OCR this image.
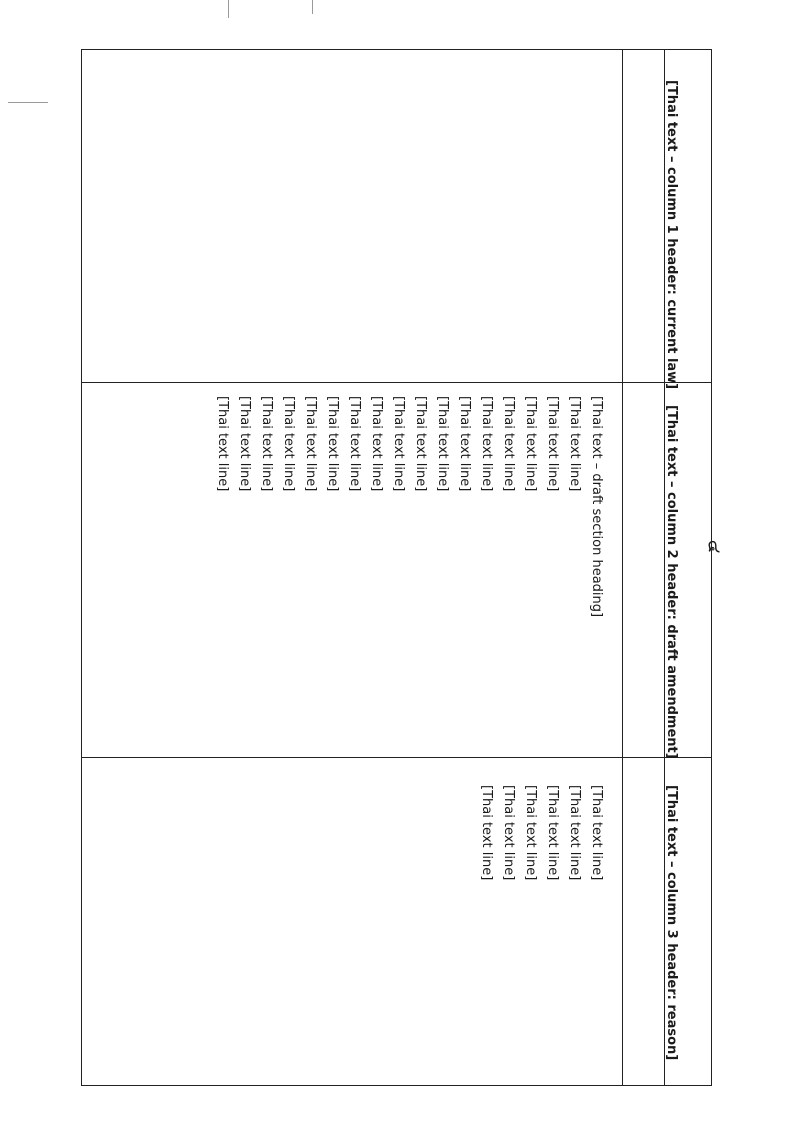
๔
[Thai text – column 1 header: current law]
[Thai text – column 2 header: draft amendment]
[Thai text – column 3 header: reason]
[Thai text – draft section heading]
[Thai text line]
[Thai text line]
[Thai text line]
[Thai text line]
[Thai text line]
[Thai text line]
[Thai text line]
[Thai text line]
[Thai text line]
[Thai text line]
[Thai text line]
[Thai text line]
[Thai text line]
[Thai text line]
[Thai text line]
[Thai text line]
[Thai text line]
[Thai text line]
[Thai text line]
[Thai text line]
[Thai text line]
[Thai text line]
[Thai text line]
